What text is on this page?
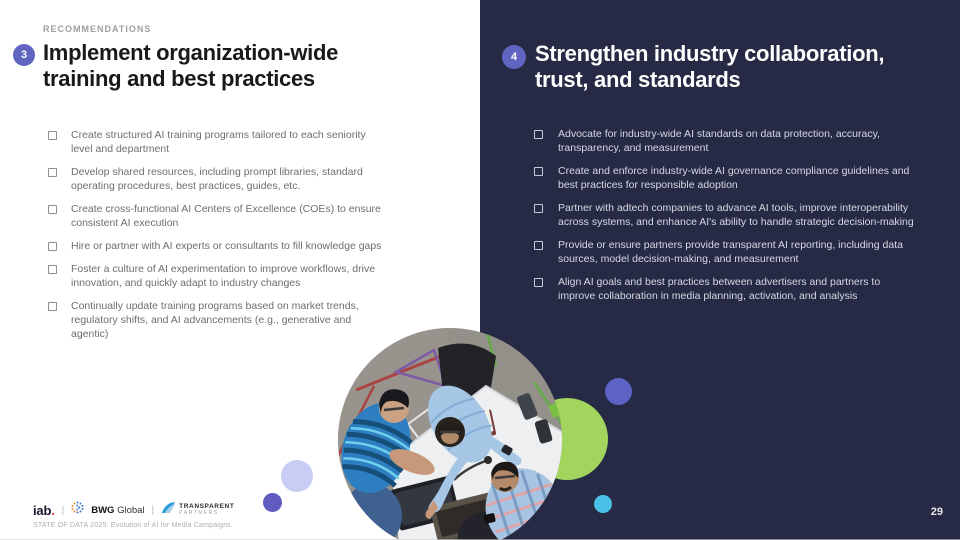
RECOMMENDATIONS
3 Implement organization-wide training and best practices
Create structured AI training programs tailored to each seniority level and department
Develop shared resources, including prompt libraries, standard operating procedures, best practices, guides, etc.
Create cross-functional AI Centers of Excellence (COEs) to ensure consistent AI execution
Hire or partner with AI experts or consultants to fill knowledge gaps
Foster a culture of AI experimentation to improve workflows, drive innovation, and quickly adapt to industry changes
Continually update training programs based on market trends, regulatory shifts, and AI advancements (e.g., generative and agentic)
4 Strengthen industry collaboration, trust, and standards
Advocate for industry-wide AI standards on data protection, accuracy, transparency, and measurement
Create and enforce industry-wide AI governance compliance guidelines and best practices for responsible adoption
Partner with adtech companies to advance AI tools, improve interoperability across systems, and enhance AI's ability to handle strategic decision-making
Provide or ensure partners provide transparent AI reporting, including data sources, model decision-making, and measurement
Align AI goals and best practices between advertisers and partners to improve collaboration in media planning, activation, and analysis
iab. |	BWG Global |	TRANSPARENT
PARTNERS
STATE OF DATA 2025: Evolution of AI for Media Campaigns
29
